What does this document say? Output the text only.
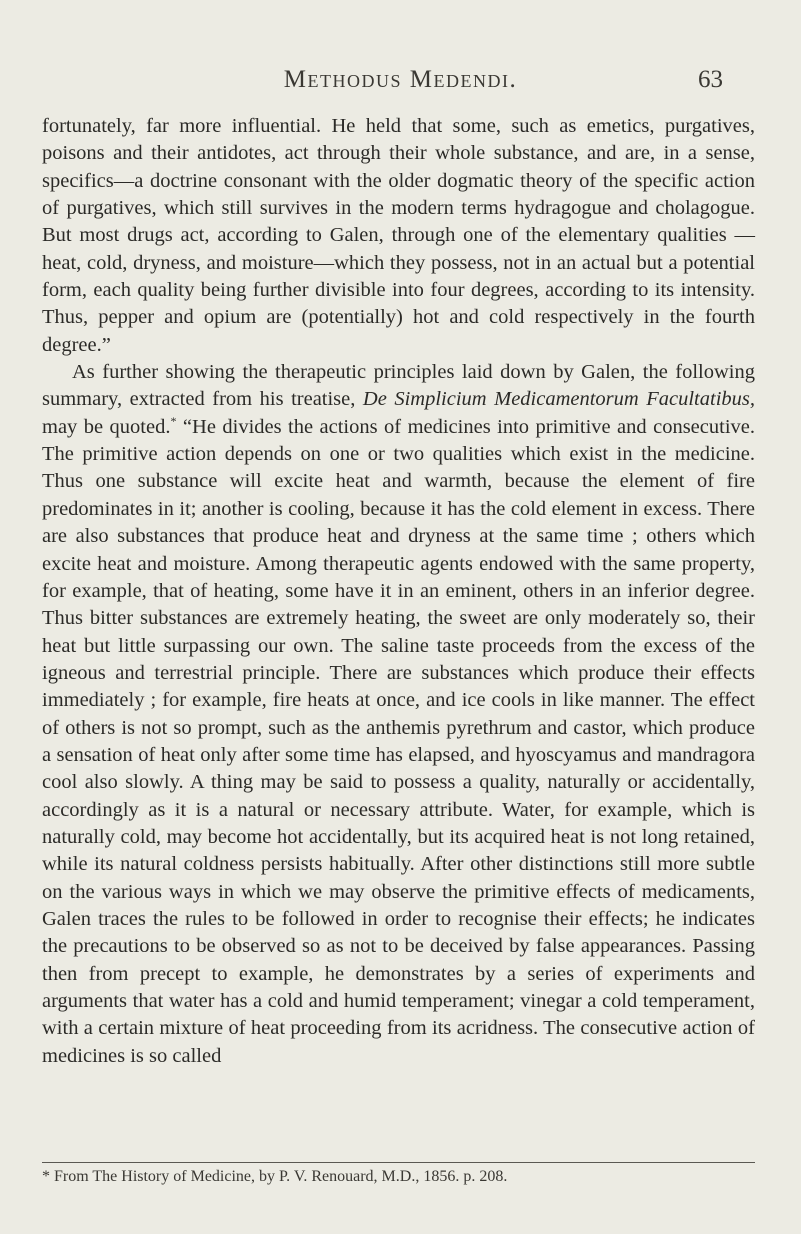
Methodus Medendi.	63

fortunately, far more influential. He held that some, such as emetics, purgatives, poisons and their antidotes, act through their whole substance, and are, in a sense, specifics—a doctrine consonant with the older dogmatic theory of the specific action of purgatives, which still survives in the modern terms hydragogue and cholagogue. But most drugs act, according to Galen, through one of the elementary qualities —heat, cold, dryness, and moisture—which they possess, not in an actual but a potential form, each quality being further divisible into four degrees, according to its intensity. Thus, pepper and opium are (potentially) hot and cold respectively in the fourth degree.”

As further showing the therapeutic principles laid down by Galen, the following summary, extracted from his treatise, De Simplicium Medicamentorum Facultatibus, may be quoted.* “He divides the actions of medicines into primitive and consecutive. The primitive action depends on one or two qualities which exist in the medicine. Thus one substance will excite heat and warmth, because the element of fire predominates in it; another is cooling, because it has the cold element in excess. There are also substances that produce heat and dryness at the same time ; others which excite heat and moisture. Among therapeutic agents endowed with the same property, for example, that of heating, some have it in an eminent, others in an inferior degree. Thus bitter substances are extremely heating, the sweet are only moderately so, their heat but little surpassing our own. The saline taste proceeds from the excess of the igneous and terrestrial principle. There are substances which produce their effects immediately ; for example, fire heats at once, and ice cools in like manner. The effect of others is not so prompt, such as the anthemis pyrethrum and castor, which produce a sensation of heat only after some time has elapsed, and hyoscyamus and mandragora cool also slowly. A thing may be said to possess a quality, naturally or accidentally, accordingly as it is a natural or necessary attribute. Water, for example, which is naturally cold, may become hot accidentally, but its acquired heat is not long retained, while its natural coldness persists habitually. After other distinctions still more subtle on the various ways in which we may observe the primitive effects of medicaments, Galen traces the rules to be followed in order to recognise their effects; he indicates the precautions to be observed so as not to be deceived by false appearances. Passing then from precept to example, he demonstrates by a series of experiments and arguments that water has a cold and humid temperament; vinegar a cold temperament, with a certain mixture of heat proceeding from its acridness. The consecutive action of medicines is so called

* From The History of Medicine, by P. V. Renouard, M.D., 1856. p. 208.
